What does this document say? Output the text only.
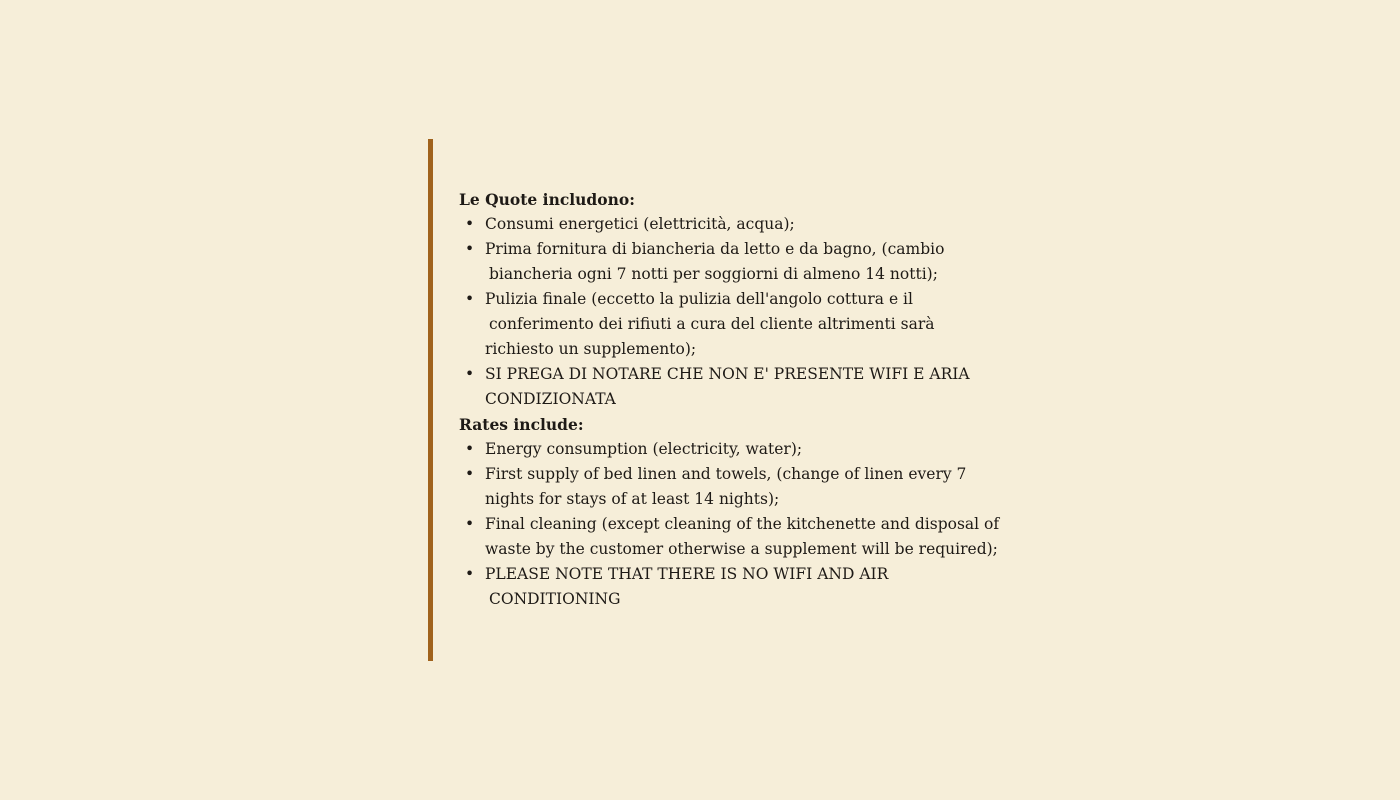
Le Quote includono:

• Consumi energetici (elettricità, acqua);
• Prima fornitura di biancheria da letto e da bagno, (cambio
biancheria ogni 7 notti per soggiorni di almeno 14 notti);
• Pulizia finale (eccetto la pulizia dell'angolo cottura e il
conferimento dei rifiuti a cura del cliente altrimenti sarà
richiesto un supplemento);
• SI PREGA DI NOTARE CHE NON E' PRESENTE WIFI E ARIA
CONDIZIONATA

Rates include:

• Energy consumption (electricity, water);
• First supply of bed linen and towels, (change of linen every 7
nights for stays of at least 14 nights);
• Final cleaning (except cleaning of the kitchenette and disposal of
waste by the customer otherwise a supplement will be required);
• PLEASE NOTE THAT THERE IS NO WIFI AND AIR
CONDITIONING
